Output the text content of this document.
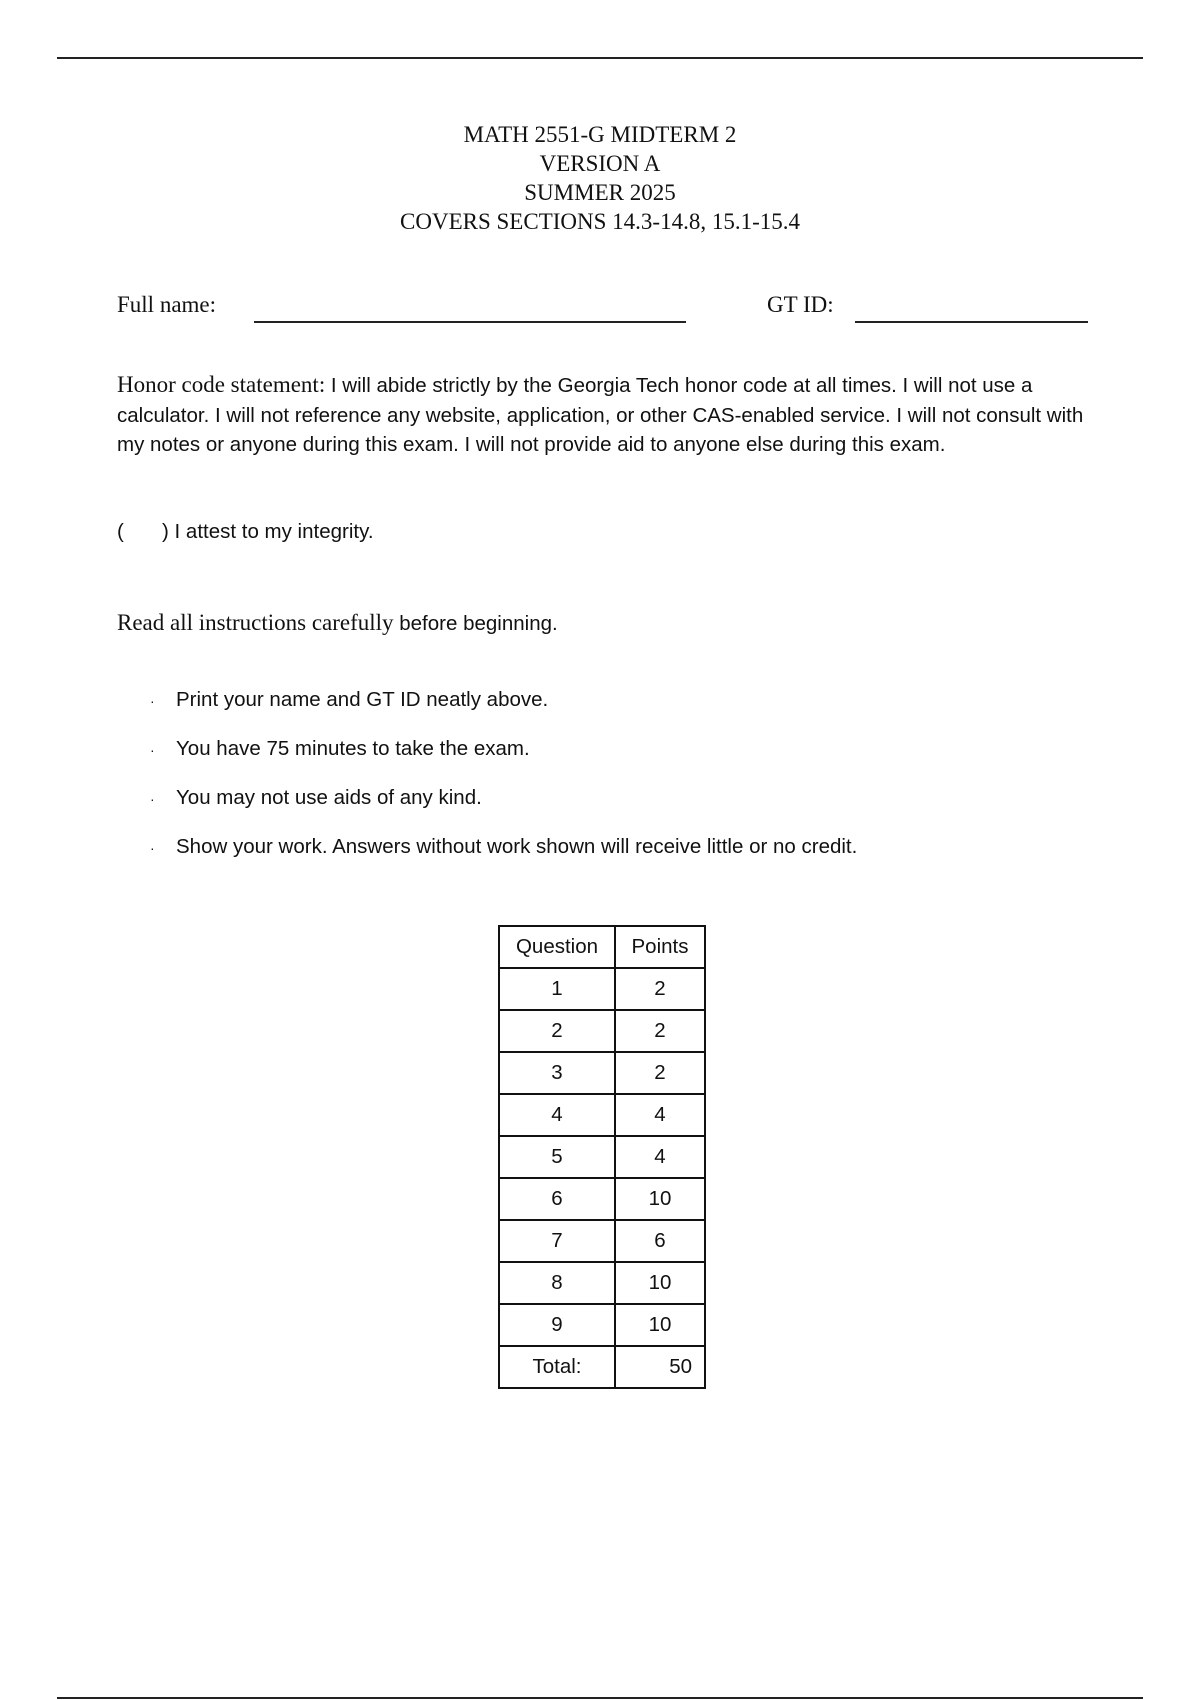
MATH 2551-G MIDTERM 2
VERSION A
SUMMER 2025
COVERS SECTIONS 14.3-14.8, 15.1-15.4
Full name:	GT ID:
Honor code statement: I will abide strictly by the Georgia Tech honor code at all times. I will not use a calculator. I will not reference any website, application, or other CAS-enabled service. I will not consult with my notes or anyone during this exam. I will not provide aid to anyone else during this exam.
( ) I attest to my integrity.
Read all instructions carefully before beginning.
· Print your name and GT ID neatly above.
· You have 75 minutes to take the exam.
· You may not use aids of any kind.
· Show your work. Answers without work shown will receive little or no credit.
Question	Points
1	2
2	2
3	2
4	4
5	4
6	10
7	6
8	10
9	10
Total:	50
